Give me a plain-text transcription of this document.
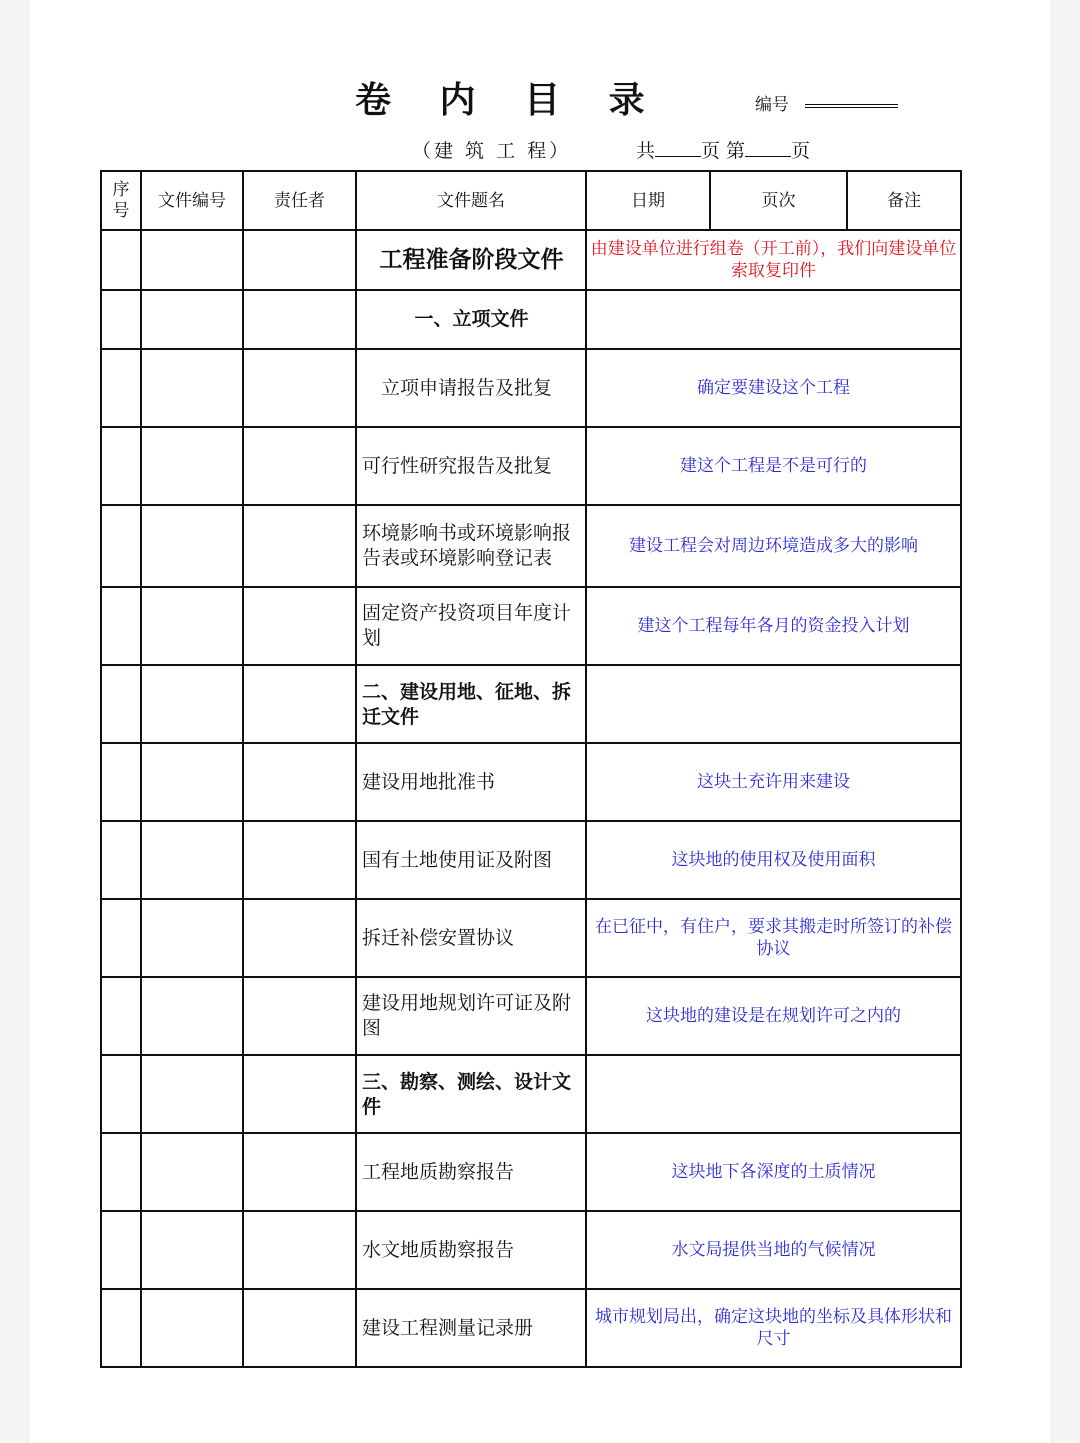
卷 内 目 录	编号
（建 筑 工 程）	共 页 第 页
序号	文件编号	责任者	文件题名	日期	页次	备注
			工程准备阶段文件	由建设单位进行组卷（开工前），我们向建设单位索取复印件		
			一、立项文件			
			立项申请报告及批复	确定要建设这个工程		
			可行性研究报告及批复	建这个工程是不是可行的		
			环境影响书或环境影响报告表或环境影响登记表	建设工程会对周边环境造成多大的影响		
			固定资产投资项目年度计划	建这个工程每年各月的资金投入计划		
			二、建设用地、征地、拆迁文件			
			建设用地批准书	这块土充许用来建设		
			国有土地使用证及附图	这块地的使用权及使用面积		
			拆迁补偿安置协议	在已征中，有住户，要求其搬走时所签订的补偿协议		
			建设用地规划许可证及附图	这块地的建设是在规划许可之内的		
			三、勘察、测绘、设计文件			
			工程地质勘察报告	这块地下各深度的土质情况		
			水文地质勘察报告	水文局提供当地的气候情况		
			建设工程测量记录册	城市规划局出，确定这块地的坐标及具体形状和尺寸		
